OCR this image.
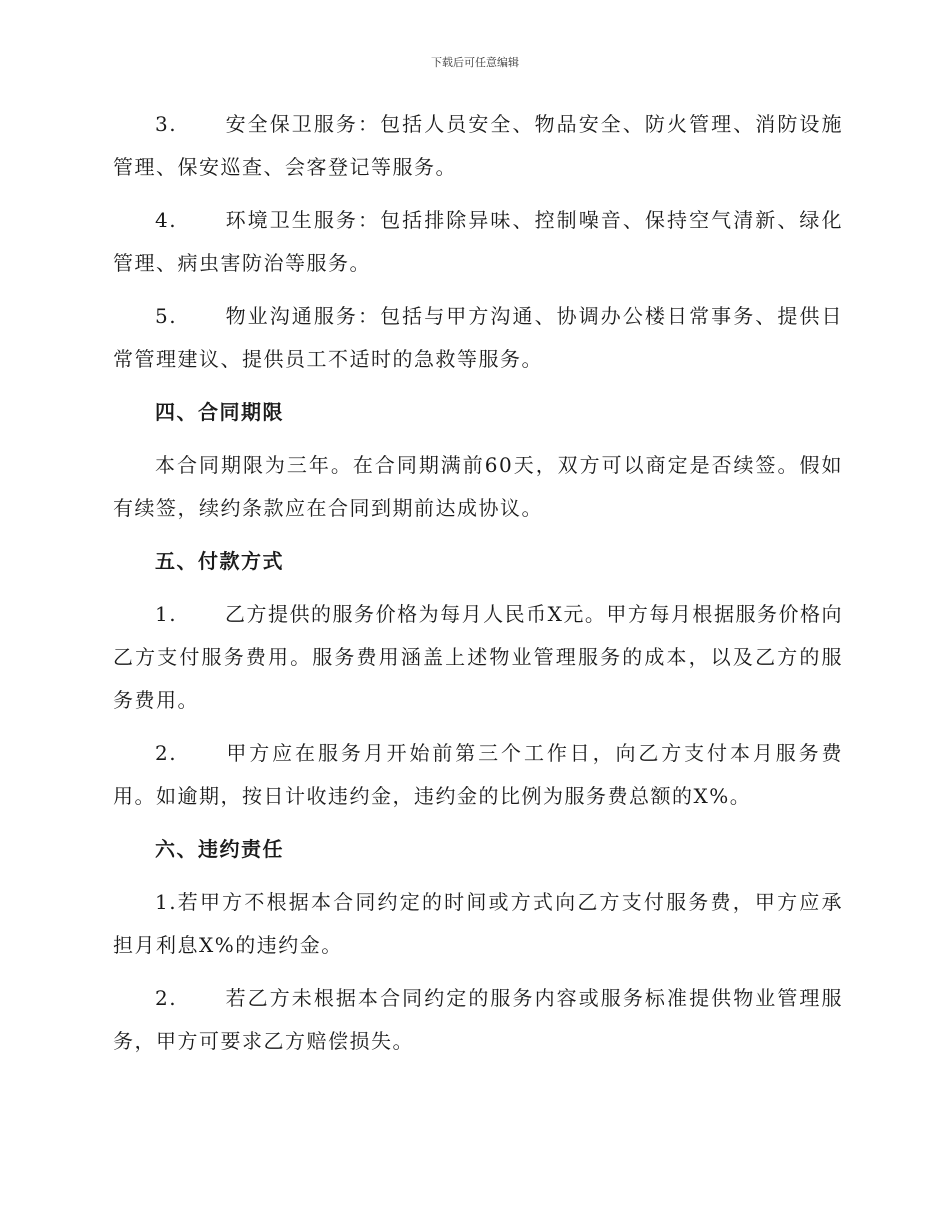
下载后可任意编辑

3. 安全保卫服务：包括人员安全、物品安全、防火管理、消防设施管理、保安巡查、会客登记等服务。

4. 环境卫生服务：包括排除异味、控制噪音、保持空气清新、绿化管理、病虫害防治等服务。

5. 物业沟通服务：包括与甲方沟通、协调办公楼日常事务、提供日常管理建议、提供员工不适时的急救等服务。

四、合同期限

本合同期限为三年。在合同期满前60天，双方可以商定是否续签。假如有续签，续约条款应在合同到期前达成协议。

五、付款方式

1. 乙方提供的服务价格为每月人民币X元。甲方每月根据服务价格向乙方支付服务费用。服务费用涵盖上述物业管理服务的成本，以及乙方的服务费用。

2. 甲方应在服务月开始前第三个工作日，向乙方支付本月服务费用。如逾期，按日计收违约金，违约金的比例为服务费总额的X%。

六、违约责任

1.若甲方不根据本合同约定的时间或方式向乙方支付服务费，甲方应承担月利息X%的违约金。

2. 若乙方未根据本合同约定的服务内容或服务标准提供物业管理服务，甲方可要求乙方赔偿损失。
